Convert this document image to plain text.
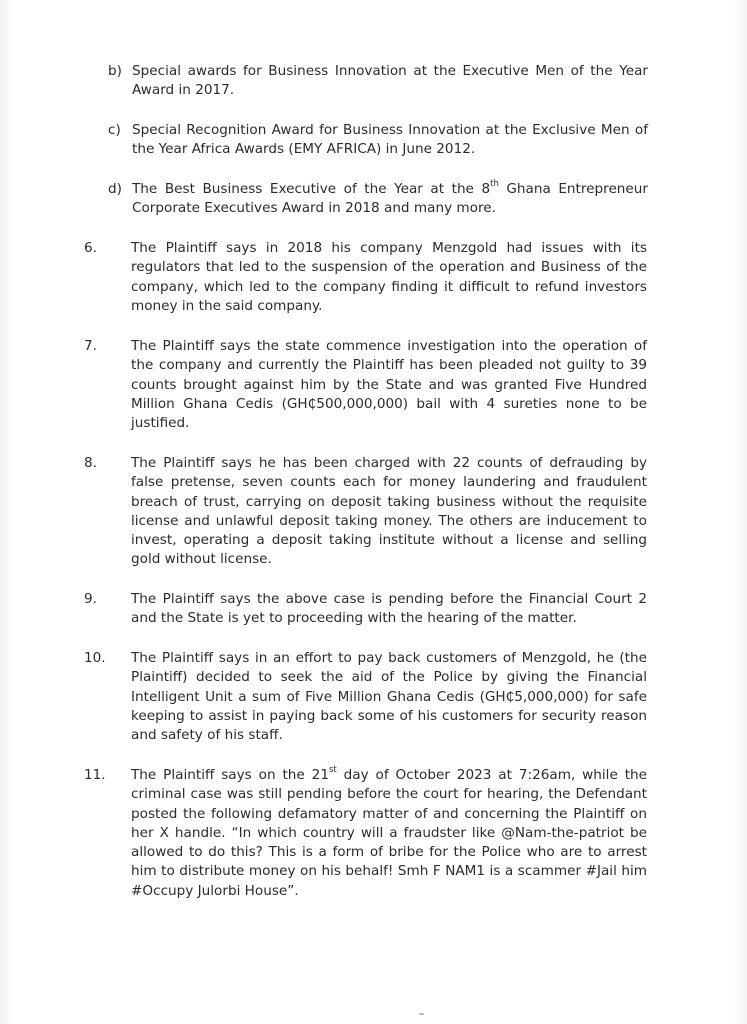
b) Special awards for Business Innovation at the Executive Men of the Year Award in 2017.
c) Special Recognition Award for Business Innovation at the Exclusive Men of the Year Africa Awards (EMY AFRICA) in June 2012.
d) The Best Business Executive of the Year at the 8th Ghana Entrepreneur Corporate Executives Award in 2018 and many more.
6.	The Plaintiff says in 2018 his company Menzgold had issues with its regulators that led to the suspension of the operation and Business of the company, which led to the company finding it difficult to refund investors money in the said company.
7.	The Plaintiff says the state commence investigation into the operation of the company and currently the Plaintiff has been pleaded not guilty to 39 counts brought against him by the State and was granted Five Hundred Million Ghana Cedis (GH₵500,000,000) bail with 4 sureties none to be justified.
8.	The Plaintiff says he has been charged with 22 counts of defrauding by false pretense, seven counts each for money laundering and fraudulent breach of trust, carrying on deposit taking business without the requisite license and unlawful deposit taking money. The others are inducement to invest, operating a deposit taking institute without a license and selling gold without license.
9.	The Plaintiff says the above case is pending before the Financial Court 2 and the State is yet to proceeding with the hearing of the matter.
10.	The Plaintiff says in an effort to pay back customers of Menzgold, he (the Plaintiff) decided to seek the aid of the Police by giving the Financial Intelligent Unit a sum of Five Million Ghana Cedis (GH₵5,000,000) for safe keeping to assist in paying back some of his customers for security reason and safety of his staff.
11.	The Plaintiff says on the 21st day of October 2023 at 7:26am, while the criminal case was still pending before the court for hearing, the Defendant posted the following defamatory matter of and concerning the Plaintiff on her X handle. “In which country will a fraudster like @Nam-the-patriot be allowed to do this? This is a form of bribe for the Police who are to arrest him to distribute money on his behalf! Smh F NAM1 is a scammer #Jail him #Occupy Julorbi House”.
